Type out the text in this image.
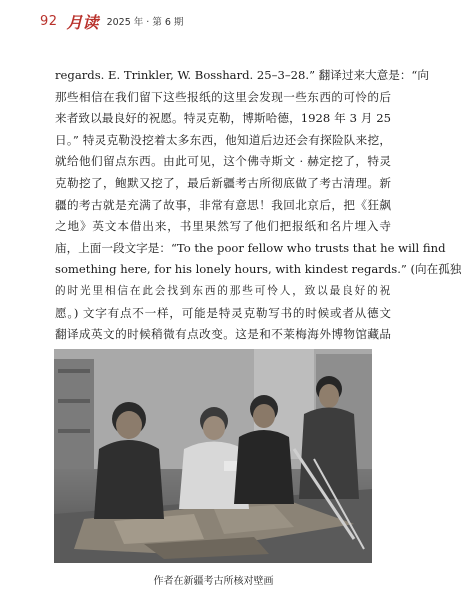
92 月读 2025 年 · 第 6 期
regards. E. Trinkler, W. Bosshard. 25–3–28.” 翻译过来大意是：“向
那些相信在我们留下这些报纸的这里会发现一些东西的可怜的后
来者致以最良好的祝愿。特灵克勒，博斯哈德，1928 年 3 月 25
日。” 特灵克勒没挖着太多东西，他知道后边还会有探险队来挖，
就给他们留点东西。由此可见，这个佛寺斯文 · 赫定挖了，特灵
克勒挖了，鲍默又挖了，最后新疆考古所彻底做了考古清理。新
疆的考古就是充满了故事，非常有意思！我回北京后，把《狂飙
之地》英文本借出来，书里果然写了他们把报纸和名片埋入寺
庙，上面一段文字是：“To the poor fellow who trusts that he will find
something here, for his lonely hours, with kindest regards.” (向在孤独
的时光里相信在此会找到东西的那些可怜人，致以最良好的祝
愿。) 文字有点不一样，可能是特灵克勒写书的时候或者从德文
翻译成英文的时候稍微有点改变。这是和不莱梅海外博物馆藏品
作者在新疆考古所核对壁画
